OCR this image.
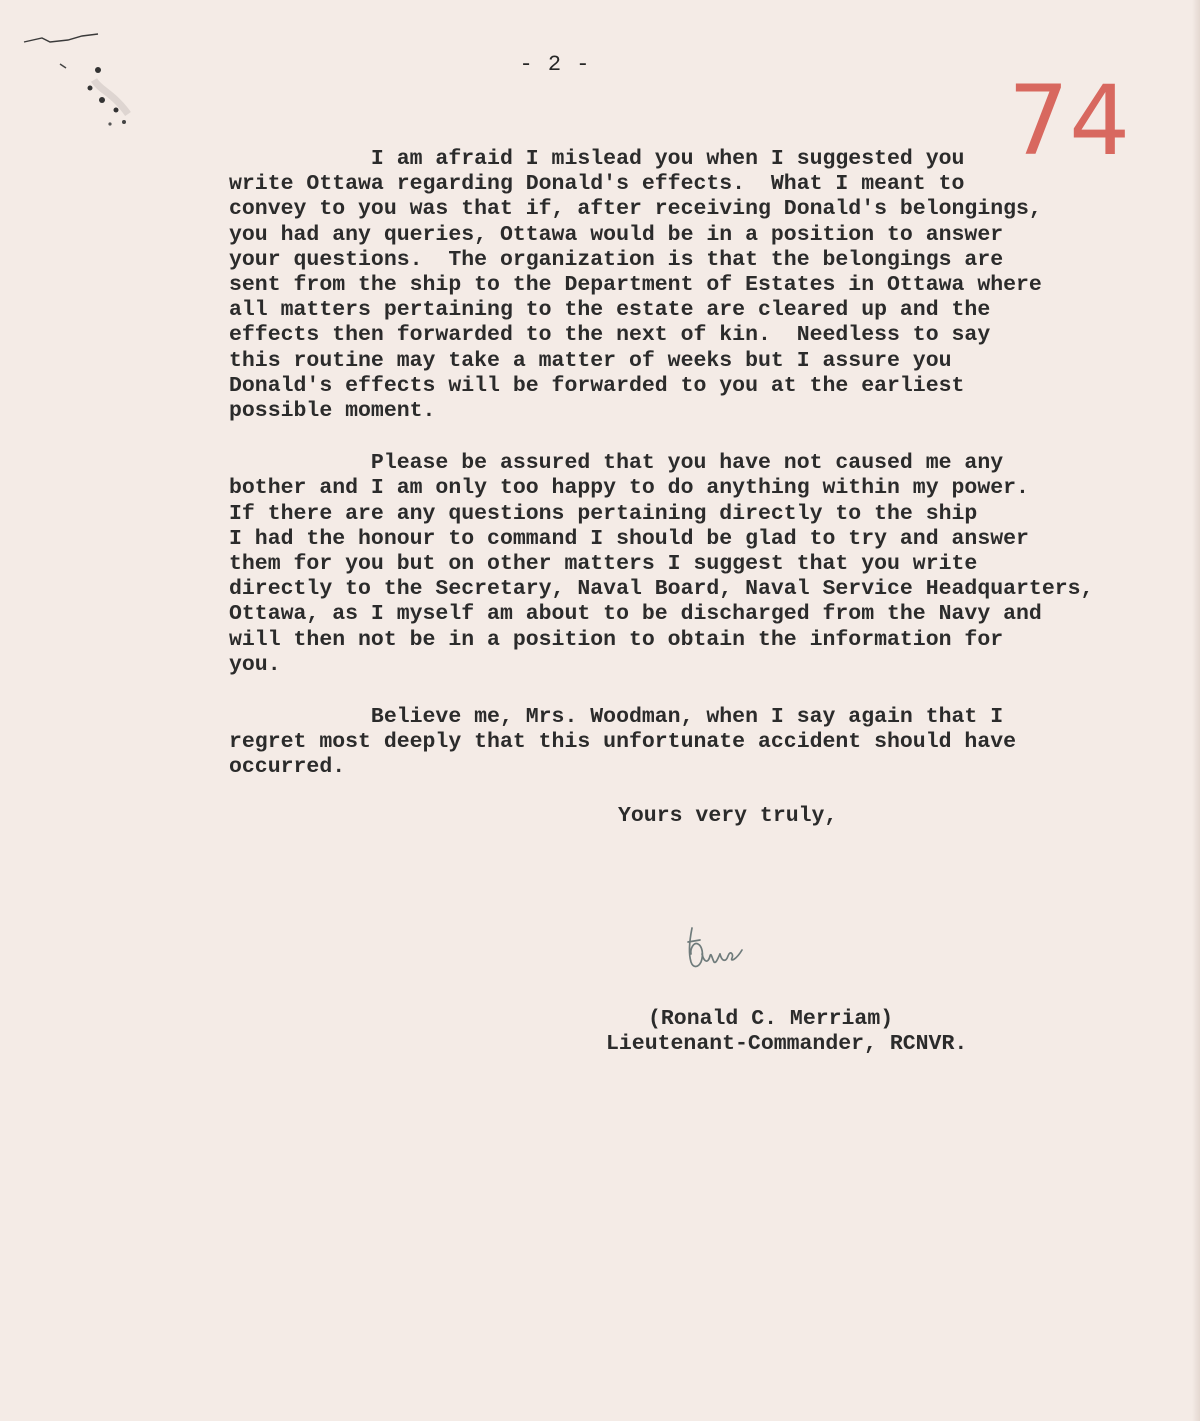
- 2 -
74

I am afraid I mislead you when I suggested you
write Ottawa regarding Donald's effects.  What I meant to
convey to you was that if, after receiving Donald's belongings,
you had any queries, Ottawa would be in a position to answer
your questions.  The organization is that the belongings are
sent from the ship to the Department of Estates in Ottawa where
all matters pertaining to the estate are cleared up and the
effects then forwarded to the next of kin.  Needless to say
this routine may take a matter of weeks but I assure you
Donald's effects will be forwarded to you at the earliest
possible moment.

Please be assured that you have not caused me any
bother and I am only too happy to do anything within my power.
If there are any questions pertaining directly to the ship
I had the honour to command I should be glad to try and answer
them for you but on other matters I suggest that you write
directly to the Secretary, Naval Board, Naval Service Headquarters,
Ottawa, as I myself am about to be discharged from the Navy and
will then not be in a position to obtain the information for
you.

Believe me, Mrs. Woodman, when I say again that I
regret most deeply that this unfortunate accident should have
occurred.

Yours very truly,
(Ronald C. Merriam)
Lieutenant-Commander, RCNVR.
